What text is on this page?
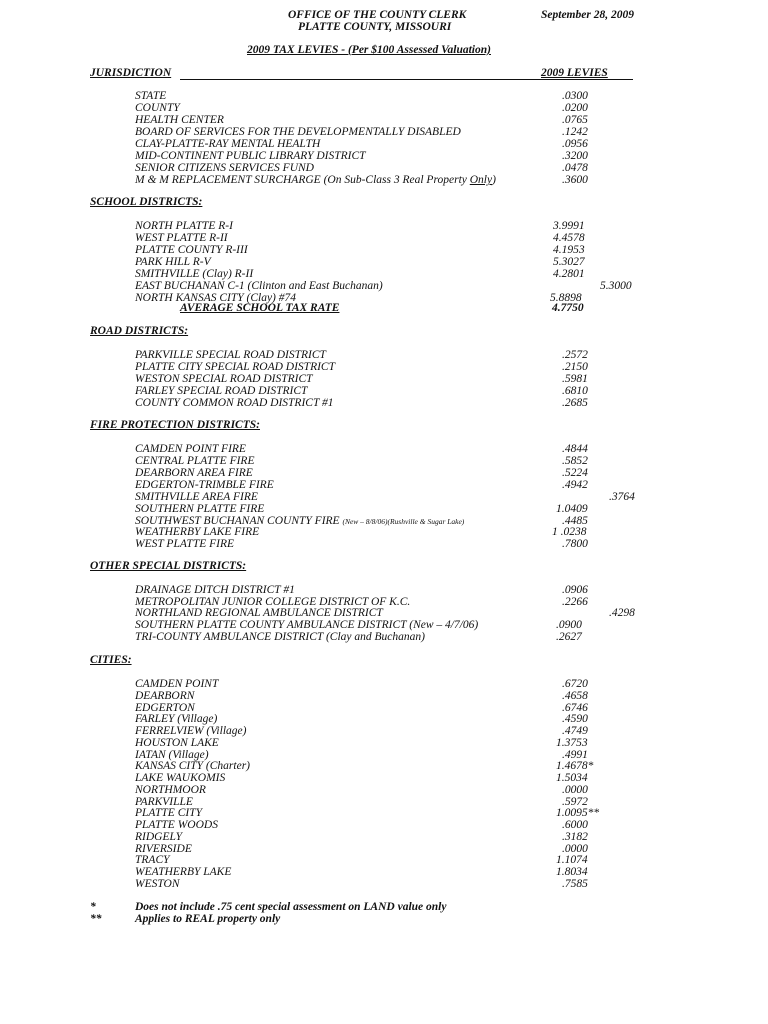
OFFICE OF THE COUNTY CLERK
PLATTE COUNTY, MISSOURI
September 28, 2009
2009 TAX LEVIES - (Per $100 Assessed Valuation)
JURISDICTION	2009 LEVIES
STATE	.0300
COUNTY	.0200
HEALTH CENTER	.0765
BOARD OF SERVICES FOR THE DEVELOPMENTALLY DISABLED	.1242
CLAY-PLATTE-RAY MENTAL HEALTH	.0956
MID-CONTINENT PUBLIC LIBRARY DISTRICT	.3200
SENIOR CITIZENS SERVICES FUND	.0478
M & M REPLACEMENT SURCHARGE (On Sub-Class 3 Real Property Only)	.3600
SCHOOL DISTRICTS:
NORTH PLATTE R-I	3.9991
WEST PLATTE R-II	4.4578
PLATTE COUNTY R-III	4.1953
PARK HILL R-V	5.3027
SMITHVILLE (Clay) R-II	4.2801
EAST BUCHANAN C-1 (Clinton and East Buchanan)	5.3000
NORTH KANSAS CITY (Clay) #74	5.8898
AVERAGE SCHOOL TAX RATE	4.7750
ROAD DISTRICTS:
PARKVILLE SPECIAL ROAD DISTRICT	.2572
PLATTE CITY SPECIAL ROAD DISTRICT	.2150
WESTON SPECIAL ROAD DISTRICT	.5981
FARLEY SPECIAL ROAD DISTRICT	.6810
COUNTY COMMON ROAD DISTRICT #1	.2685
FIRE PROTECTION DISTRICTS:
CAMDEN POINT FIRE	.4844
CENTRAL PLATTE FIRE	.5852
DEARBORN AREA FIRE	.5224
EDGERTON-TRIMBLE FIRE	.4942
SMITHVILLE AREA FIRE	.3764
SOUTHERN PLATTE FIRE	1.0409
SOUTHWEST BUCHANAN COUNTY FIRE (New – 8/8/06)(Rushville & Sugar Lake)	.4485
WEATHERBY LAKE FIRE	1 .0238
WEST PLATTE FIRE	.7800
OTHER SPECIAL DISTRICTS:
DRAINAGE DITCH DISTRICT #1	.0906
METROPOLITAN JUNIOR COLLEGE DISTRICT OF K.C.	.2266
NORTHLAND REGIONAL AMBULANCE DISTRICT	.4298
SOUTHERN PLATTE COUNTY AMBULANCE DISTRICT (New – 4/7/06)	.0900
TRI-COUNTY AMBULANCE DISTRICT (Clay and Buchanan)	.2627
CITIES:
CAMDEN POINT	.6720
DEARBORN	.4658
EDGERTON	.6746
FARLEY (Village)	.4590
FERRELVIEW (Village)	.4749
HOUSTON LAKE	1.3753
IATAN (Village)	.4991
KANSAS CITY (Charter)	1.4678*
LAKE WAUKOMIS	1.5034
NORTHMOOR	.0000
PARKVILLE	.5972
PLATTE CITY	1.0095**
PLATTE WOODS	.6000
RIDGELY	.3182
RIVERSIDE	.0000
TRACY	1.1074
WEATHERBY LAKE	1.8034
WESTON	.7585
*	Does not include .75 cent special assessment on LAND value only
**	Applies to REAL property only
